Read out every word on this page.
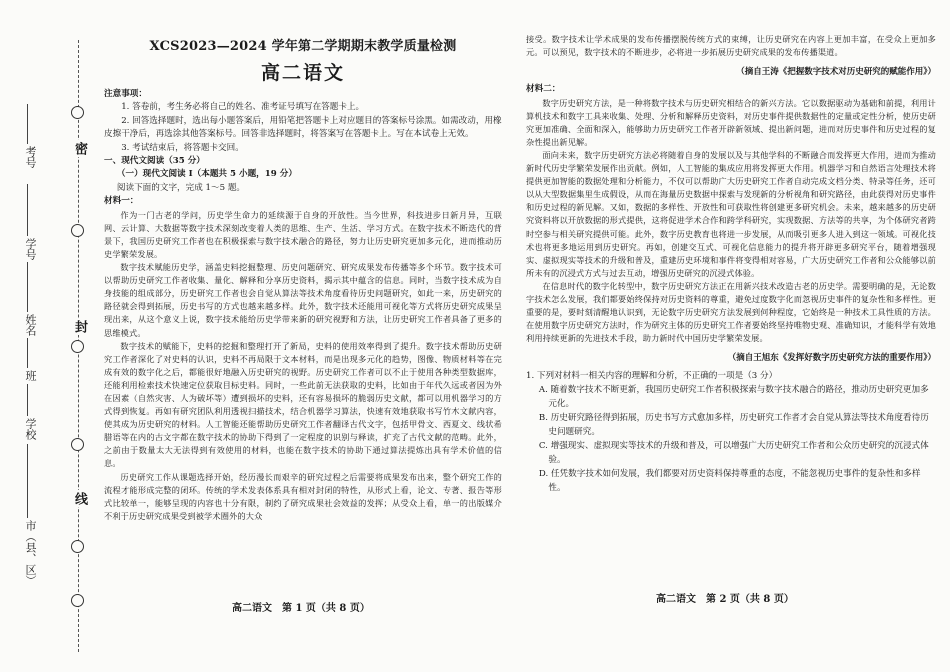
密
封
线
考号
学号
姓名
班
学校
市（县、区）
XCS2023—2024 学年第二学期期末教学质量检测
高二语文
注意事项：
1. 答卷前，考生务必将自己的姓名、准考证号填写在答题卡上。
2. 回答选择题时，选出每小题答案后，用铅笔把答题卡上对应题目的答案标号涂黑。如需改动，用橡皮擦干净后，再选涂其他答案标号。回答非选择题时，将答案写在答题卡上。写在本试卷上无效。
3. 考试结束后，将答题卡交回。
一、现代文阅读（35 分）
（一）现代文阅读 Ⅰ（本题共 5 小题，19 分）
阅读下面的文字，完成 1～5 题。
材料一：

作为一门古老的学问，历史学生命力的延续源于自身的开放性。当今世界，科技进步日新月异，互联网、云计算、大数据等数字技术深刻改变着人类的思维、生产、生活、学习方式。在数字技术不断迭代的背景下，我国历史研究工作者也在积极探索与数字技术融合的路径，努力让历史研究更加多元化，进而推动历史学繁荣发展。

数字技术赋能历史学，涵盖史料挖掘整理、历史问题研究、研究成果发布传播等多个环节。数字技术可以帮助历史研究工作者收集、量化、解释和分享历史资料，揭示其中蕴含的信息。同时，当数字技术成为自身技能的组成部分，历史研究工作者也会自觉从算法等技术角度看待历史问题研究，如此一来，历史研究的路径就会得到拓展，历史书写的方式也越来越多样。此外，数字技术还能用可视化等方式将历史研究成果呈现出来，从这个意义上说，数字技术能给历史学带来新的研究视野和方法，让历史研究工作者具备了更多的思维模式。

数字技术的赋能下，史料的挖掘和整理打开了新局，史料的使用效率得到了提升。数字技术帮助历史研究工作者深化了对史料的认识，史料不再局限于文本材料，而是出现多元化的趋势，图像、物质材料等在完成有效的数字化之后，都能很好地融入历史研究的视野。历史研究工作者可以不止于使用各种类型数据库，还能利用检索技术快速定位获取目标史料。同时，一些此前无法获取的史料，比如由于年代久远或者因为外在因素（自然灾害、人为破坏等）遭到损坏的史料，还有容易损坏的脆弱历史文献，都可以用机器学习的方式得到恢复。再如有研究团队利用透视扫描技术，结合机器学习算法，快速有效地获取书写竹木文献内容，使其成为历史研究的材料。人工智能还能帮助历史研究工作者翻译古代文字，包括甲骨文、西夏文、线状希腊语等在内的古文字都在数字技术的协助下得到了一定程度的识别与释读，扩充了古代文献的范畴。此外，之前由于数量太大无法得到有效使用的材料，也能在数字技术的协助下通过算法提炼出具有学术价值的信息。

历史研究工作从课题选择开始，经历漫长而艰辛的研究过程之后需要将成果发布出来，整个研究工作的流程才能形成完整的闭环。传统的学术发表体系具有相对封闭的特性，从形式上看，论文、专著、报告等形式比较单一，能够呈现的内容也十分有限，制约了研究成果社会效益的发挥；从受众上看，单一的出版媒介不利于历史研究成果受到被学术圈外的大众

高二语文　第 1 页（共 8 页）

接受。数字技术让学术成果的发布传播摆脱传统方式的束缚，让历史研究在内容上更加丰富，在受众上更加多元。可以预见，数字技术的不断进步，必将进一步拓展历史研究成果的发布传播渠道。

（摘自王涛《把握数字技术对历史研究的赋能作用》）
材料二：

数字历史研究方法，是一种将数字技术与历史研究相结合的新兴方法。它以数据驱动为基础和前提，利用计算机技术和数字工具来收集、处理、分析和解释历史资料，对历史事件提供数据性的定量或定性分析，使历史研究更加准确、全面和深入，能够助力历史研究工作者开辟新领域、提出新问题，进而对历史事件和历史过程的复杂性提出新见解。

面向未来，数字历史研究方法必将随着自身的发展以及与其他学科的不断融合而发挥更大作用，进而为推动新时代历史学繁荣发展作出贡献。例如，人工智能的集成应用将发挥更大作用。机器学习和自然语言处理技术将提供更加智能的数据处理和分析能力，不仅可以帮助广大历史研究工作者自动完成文档分类、特录等任务，还可以从大型数据集里生成假设，从而在海量历史数据中探索与发现新的分析视角和研究路径，由此获得对历史事件和历史过程的新见解。又如，数据的多样性、开放性和可获取性将创建更多研究机会。未来，越来越多的历史研究资料将以开放数据的形式提供，这将促进学术合作和跨学科研究，实现数据、方法等的共享，为个体研究者跨时空参与相关研究提供可能。此外，数字历史教育也将进一步发展，从而吸引更多人进入到这一领域。可视化技术也将更多地运用到历史研究。再如，创建交互式、可视化信息能力的提升将开辟更多研究平台，随着增强现实、虚拟现实等技术的升级和普及，重建历史环境和事件将变得相对容易，广大历史研究工作者和公众能够以前所未有的沉浸式方式与过去互动，增强历史研究的沉浸式体验。

在信息时代的数字化转型中，数字历史研究方法正在用新兴技术改造古老的历史学。需要明确的是，无论数字技术怎么发展，我们都要始终保持对历史资料的尊重，避免过度数字化而忽视历史事件的复杂性和多样性。更重要的是，要时刻清醒地认识到，无论数字历史研究方法发展到何种程度，它始终是一种技术工具性质的方法。在使用数字历史研究方法时，作为研究主体的历史研究工作者要始终坚持唯物史观、准确知识，才能科学有效地利用持续更新的先进技术手段，助力新时代中国历史学繁荣发展。

（摘自王旭东《发挥好数字历史研究方法的重要作用》）
1. 下列对材料一相关内容的理解和分析，不正确的一项是（3 分）
A. 随着数字技术不断更新，我国历史研究工作者积极探索与数字技术融合的路径，推动历史研究更加多元化。
B. 历史研究路径得到拓展，历史书写方式愈加多样，历史研究工作者才会自觉从算法等技术角度看待历史问题研究。
C. 增强现实、虚拟现实等技术的升级和普及，可以增强广大历史研究工作者和公众历史研究的沉浸式体验。
D. 任凭数字技术如何发展，我们都要对历史资料保持尊重的态度，不能忽视历史事件的复杂性和多样性。
高二语文　第 2 页（共 8 页）
